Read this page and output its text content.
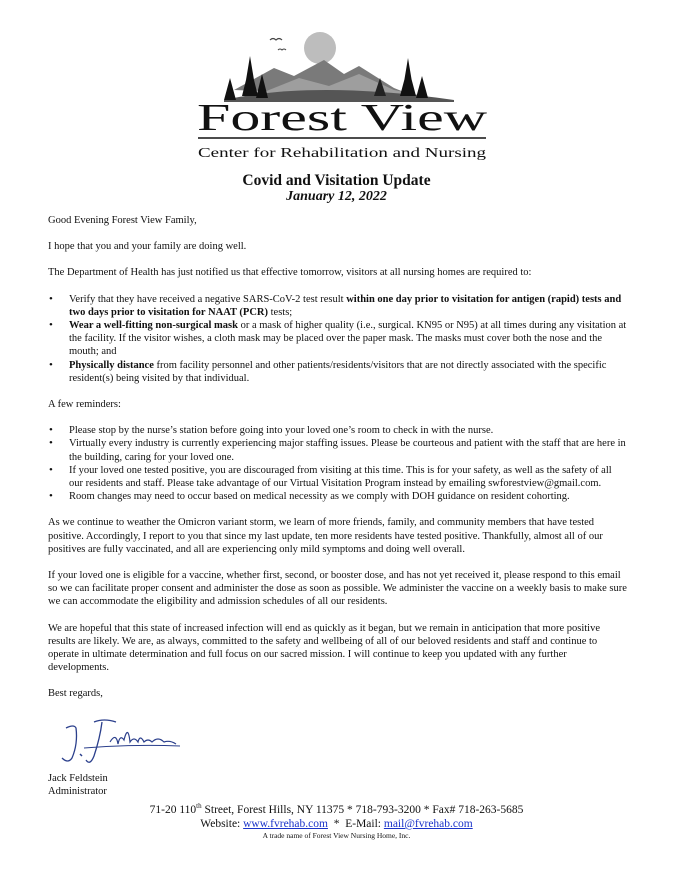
Forest View
Center for Rehabilitation and Nursing
Covid and Visitation Update
January 12, 2022

Good Evening Forest View Family,

I hope that you and your family are doing well.

The Department of Health has just notified us that effective tomorrow, visitors at all nursing homes are required to:

• Verify that they have received a negative SARS-CoV-2 test result within one day prior to visitation for antigen (rapid) tests and two days prior to visitation for NAAT (PCR) tests;
• Wear a well-fitting non-surgical mask or a mask of higher quality (i.e., surgical. KN95 or N95) at all times during any visitation at the facility. If the visitor wishes, a cloth mask may be placed over the paper mask. The masks must cover both the nose and the mouth; and
• Physically distance from facility personnel and other patients/residents/visitors that are not directly associated with the specific resident(s) being visited by that individual.

A few reminders:

• Please stop by the nurse’s station before going into your loved one’s room to check in with the nurse.
• Virtually every industry is currently experiencing major staffing issues. Please be courteous and patient with the staff that are here in the building, caring for your loved one.
• If your loved one tested positive, you are discouraged from visiting at this time. This is for your safety, as well as the safety of all our residents and staff. Please take advantage of our Virtual Visitation Program instead by emailing swforestview@gmail.com.
• Room changes may need to occur based on medical necessity as we comply with DOH guidance on resident cohorting.

As we continue to weather the Omicron variant storm, we learn of more friends, family, and community members that have tested positive. Accordingly, I report to you that since my last update, ten more residents have tested positive. Thankfully, almost all of our positives are fully vaccinated, and all are experiencing only mild symptoms and doing well overall.

If your loved one is eligible for a vaccine, whether first, second, or booster dose, and has not yet received it, please respond to this email so we can facilitate proper consent and administer the dose as soon as possible. We administer the vaccine on a weekly basis to make sure we can accommodate the eligibility and admission schedules of all our residents.

We are hopeful that this state of increased infection will end as quickly as it began, but we remain in anticipation that more positive results are likely. We are, as always, committed to the safety and wellbeing of all of our beloved residents and staff and continue to operate in ultimate determination and full focus on our sacred mission. I will continue to keep you updated with any further developments.

Best regards,

Jack Feldstein

Administrator

71-20 110th Street, Forest Hills, NY 11375 * 718-793-3200 * Fax# 718-263-5685

Website: www.fvrehab.com  *  E-Mail: mail@fvrehab.com

A trade name of Forest View Nursing Home, Inc.
